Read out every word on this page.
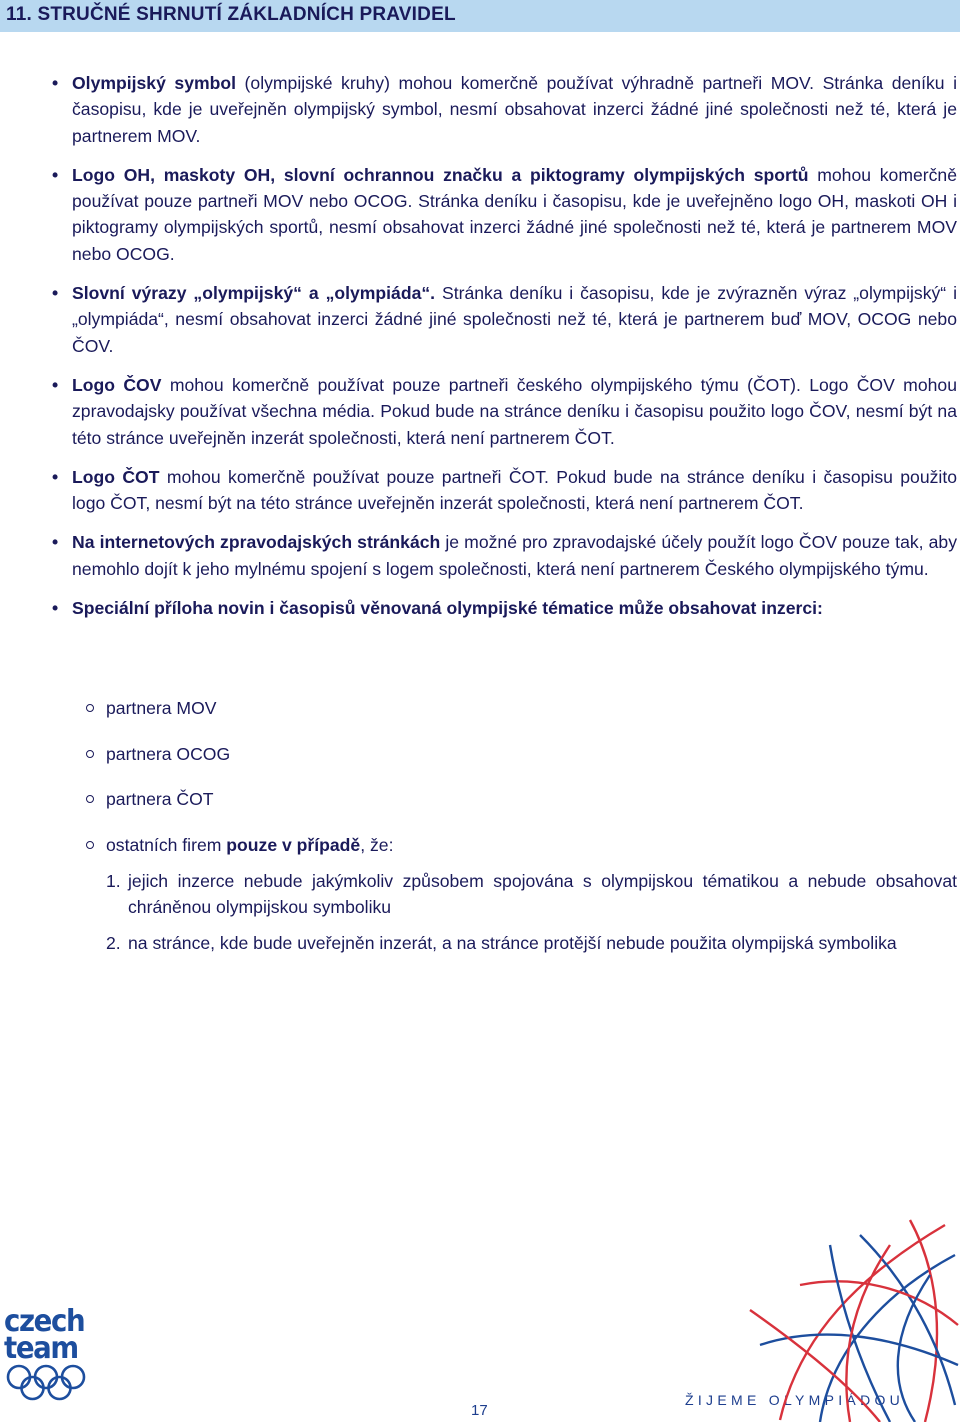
11. STRUČNÉ SHRNUTÍ ZÁKLADNÍCH PRAVIDEL
• Olympijský symbol (olympijské kruhy) mohou komerčně používat výhradně partneři MOV. Stránka deníku i časopisu, kde je uveřejněn olympijský symbol, nesmí obsahovat inzerci žádné jiné společnosti než té, která je partnerem MOV.
• Logo OH, maskoty OH, slovní ochrannou značku a piktogramy olympijských sportů mohou komerčně používat pouze partneři MOV nebo OCOG. Stránka deníku i časopisu, kde je uveřejněno logo OH, maskoti OH i piktogramy olympijských sportů, nesmí obsahovat inzerci žádné jiné společnosti než té, která je partnerem MOV nebo OCOG.
• Slovní výrazy „olympijský“ a „olympiáda“. Stránka deníku i časopisu, kde je zvýrazněn výraz „olympijský“ i „olympiáda“, nesmí obsahovat inzerci žádné jiné společnosti než té, která je partnerem buď MOV, OCOG nebo ČOV.
• Logo ČOV mohou komerčně používat pouze partneři českého olympijského týmu (ČOT). Logo ČOV mohou zpravodajsky používat všechna média. Pokud bude na stránce deníku i časopisu použito logo ČOV, nesmí být na této stránce uveřejněn inzerát společnosti, která není partnerem ČOT.
• Logo ČOT mohou komerčně používat pouze partneři ČOT. Pokud bude na stránce deníku i časopisu použito logo ČOT, nesmí být na této stránce uveřejněn inzerát společnosti, která není partnerem ČOT.
• Na internetových zpravodajských stránkách je možné pro zpravodajské účely použít logo ČOV pouze tak, aby nemohlo dojít k jeho mylnému spojení s logem společnosti, která není partnerem Českého olympijského týmu.
• Speciální příloha novin i časopisů věnovaná olympijské tématice může obsahovat inzerci:
partnera MOV
partnera OCOG
partnera ČOT
ostatních firem pouze v případě, že:
1. jejich inzerce nebude jakýmkoliv způsobem spojována s olympijskou tématikou a nebude obsahovat chráněnou olympijskou symboliku
2. na stránce, kde bude uveřejněn inzerát, a na stránce protější nebude použita olympijská symbolika
czech
team
17
ŽIJEME OLYMPIÁDOU
